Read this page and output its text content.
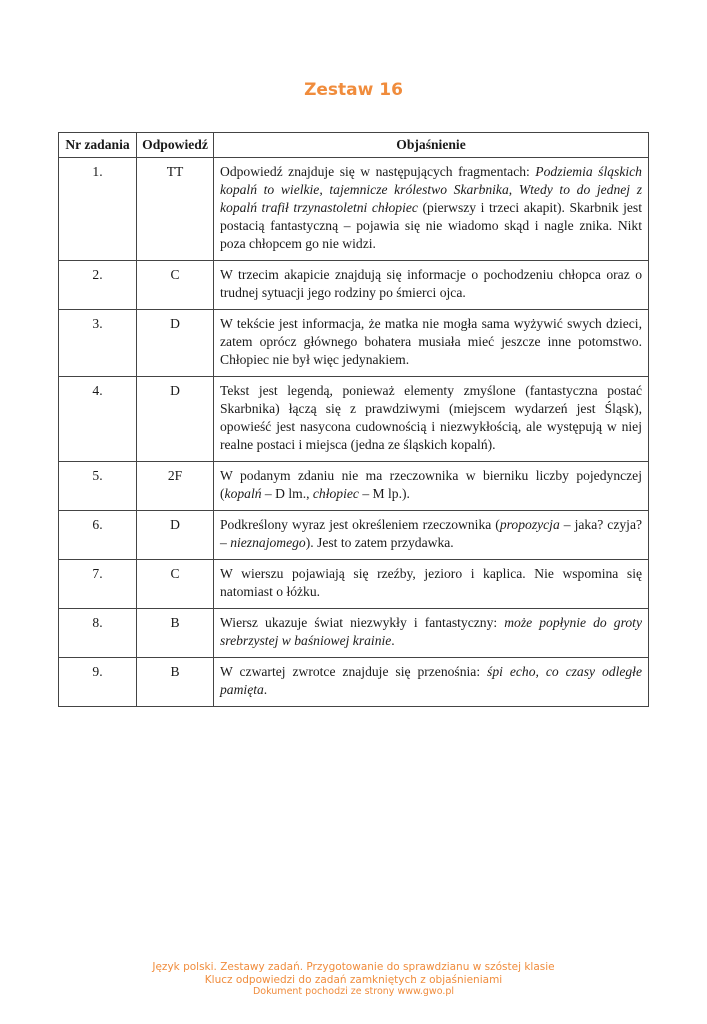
Zestaw 16
Nr zadania	Odpowiedź	Objaśnienie
1.	TT	Odpowiedź znajduje się w następujących fragmentach: Podziemia śląskich kopalń to wielkie, tajemnicze królestwo Skarbnika, Wtedy to do jednej z kopalń trafił trzynastoletni chłopiec (pierwszy i trzeci akapit). Skarbnik jest postacią fantastyczną – pojawia się nie wiadomo skąd i nagle znika. Nikt poza chłopcem go nie widzi.
2.	C	W trzecim akapicie znajdują się informacje o pochodzeniu chłopca oraz o trudnej sytuacji jego rodziny po śmierci ojca.
3.	D	W tekście jest informacja, że matka nie mogła sama wyżywić swych dzieci, zatem oprócz głównego bohatera musiała mieć jeszcze inne potomstwo. Chłopiec nie był więc jedynakiem.
4.	D	Tekst jest legendą, ponieważ elementy zmyślone (fantastyczna postać Skarbnika) łączą się z prawdziwymi (miejscem wydarzeń jest Śląsk), opowieść jest nasycona cudownością i niezwykłością, ale występują w niej realne postaci i miejsca (jedna ze śląskich kopalń).
5.	2F	W podanym zdaniu nie ma rzeczownika w bierniku liczby pojedynczej (kopalń – D lm., chłopiec – M lp.).
6.	D	Podkreślony wyraz jest określeniem rzeczownika (propozycja – jaka? czyja? – nieznajomego). Jest to zatem przydawka.
7.	C	W wierszu pojawiają się rzeźby, jezioro i kaplica. Nie wspomina się natomiast o łóżku.
8.	B	Wiersz ukazuje świat niezwykły i fantastyczny: może popłynie do groty srebrzystej w baśniowej krainie.
9.	B	W czwartej zwrotce znajduje się przenośnia: śpi echo, co czasy odległe pamięta.
Język polski. Zestawy zadań. Przygotowanie do sprawdzianu w szóstej klasie
Klucz odpowiedzi do zadań zamkniętych z objaśnieniami
Dokument pochodzi ze strony www.gwo.pl
